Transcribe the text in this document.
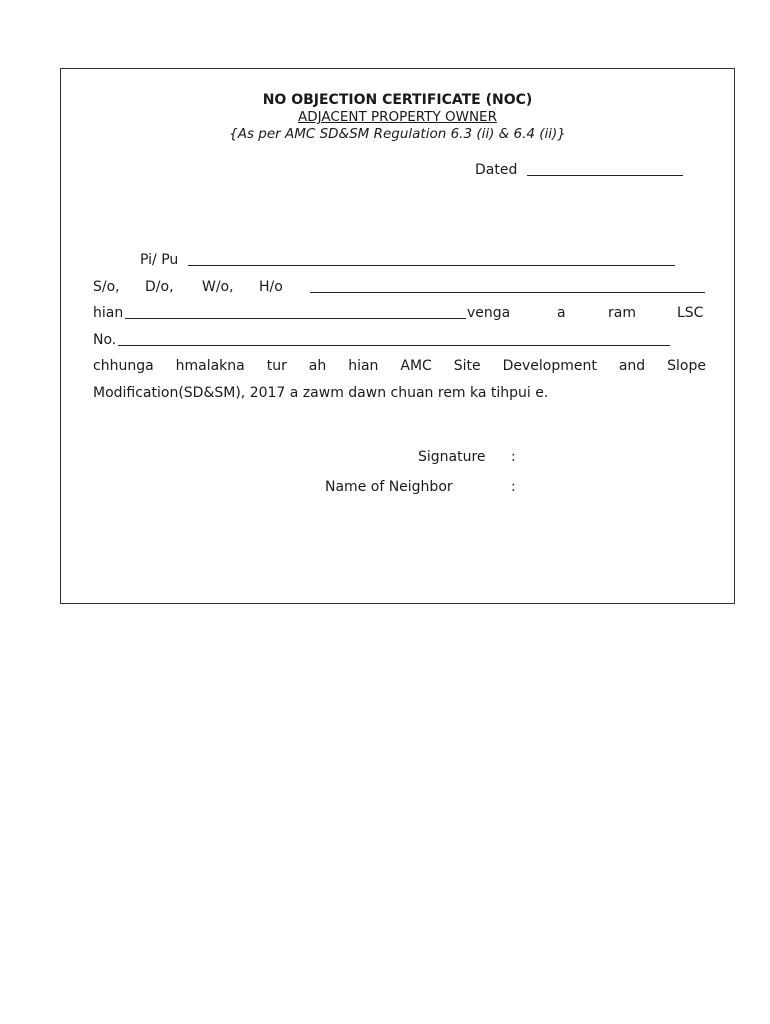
NO OBJECTION CERTIFICATE (NOC)
ADJACENT PROPERTY OWNER
{As per AMC SD&SM Regulation 6.3 (ii) & 6.4 (ii)}
Dated
Pi/ Pu
S/o, D/o, W/o, H/o
hian	venga	a	ram	LSC
No.
chhunga hmalakna tur ah hian AMC Site Development and Slope
Modification(SD&SM), 2017 a zawm dawn chuan rem ka tihpui e.
Signature :
Name of Neighbor	:
